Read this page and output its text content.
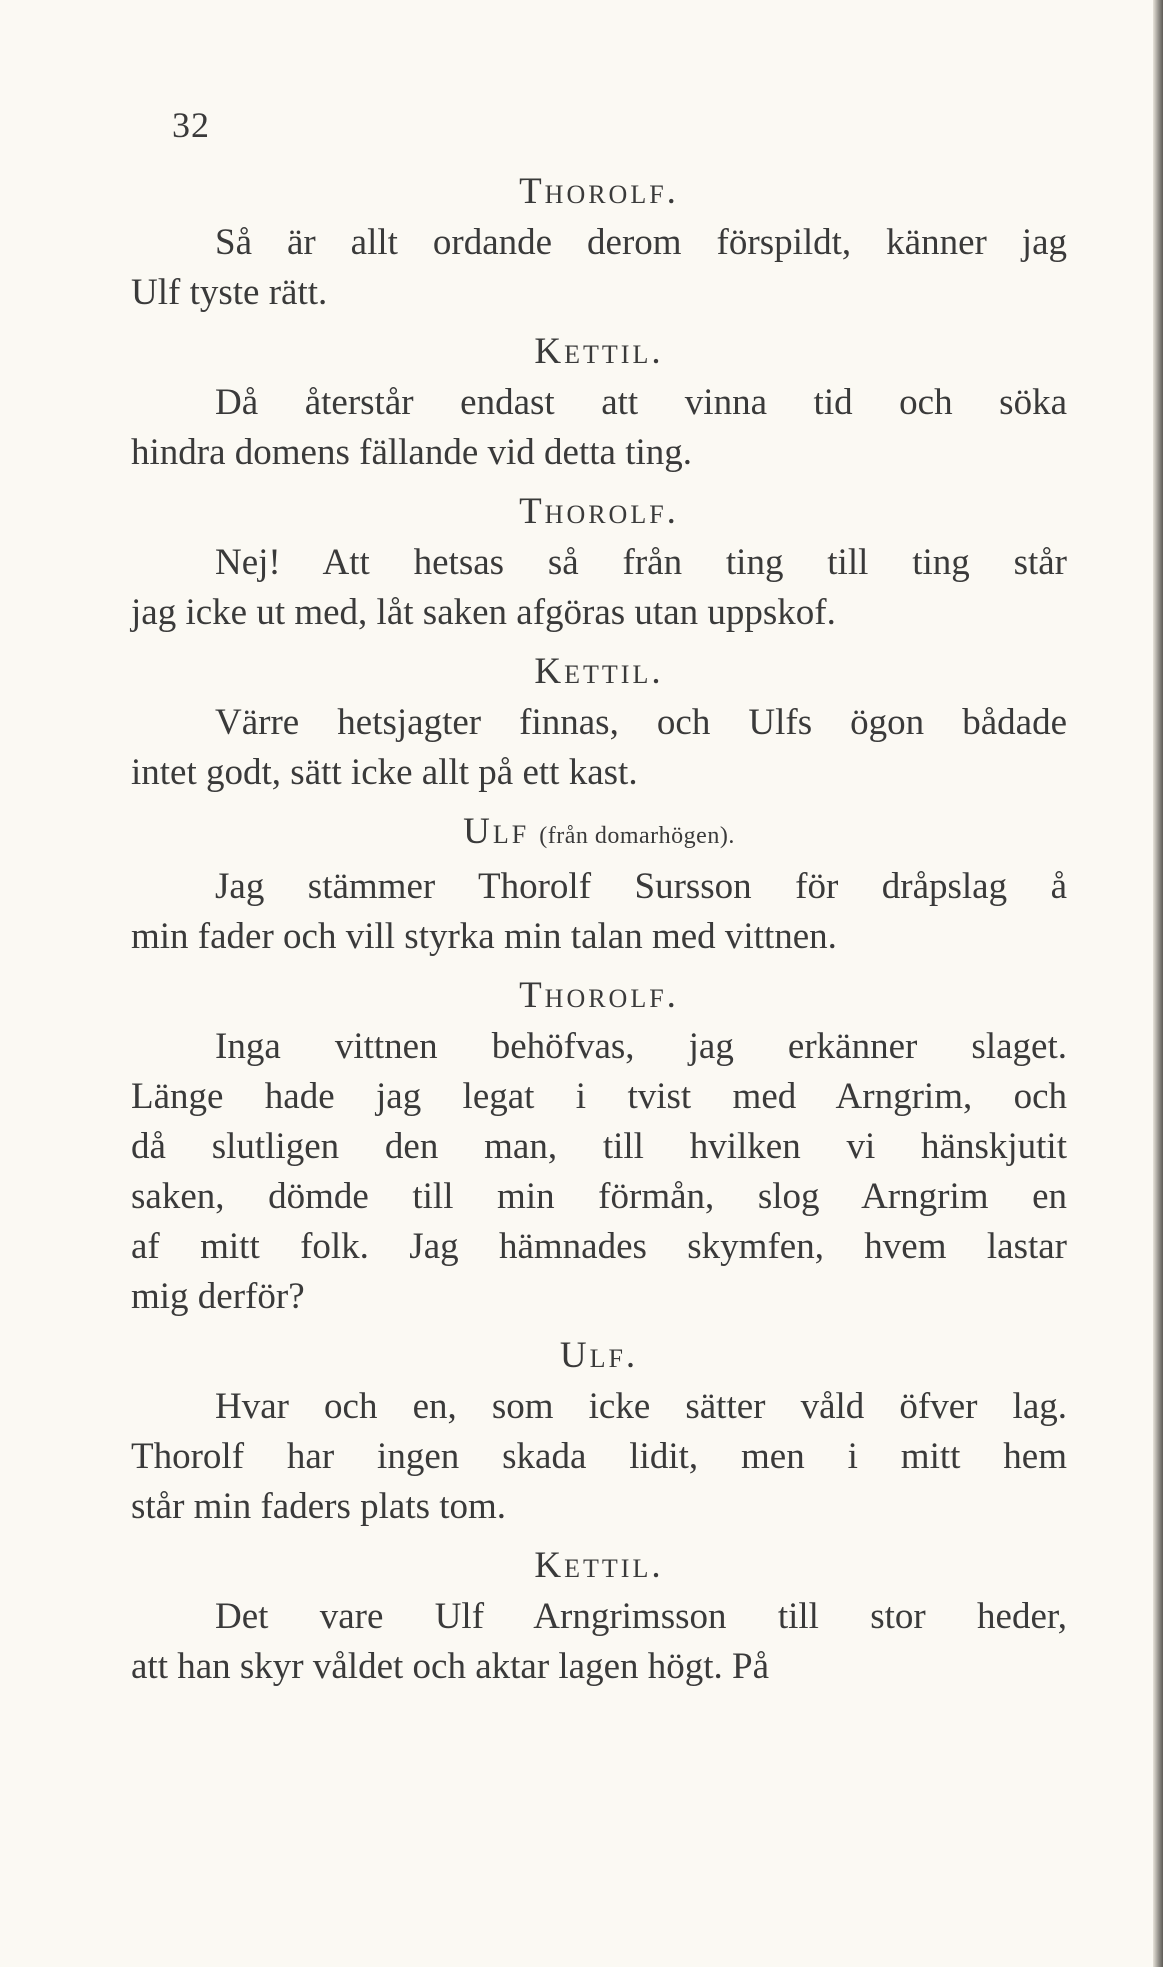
32
Thorolf.
Så är allt ordande derom förspildt, känner jag
Ulf tyste rätt.
Kettil.
Då återstår endast att vinna tid och söka
hindra domens fällande vid detta ting.
Thorolf.
Nej! Att hetsas så från ting till ting står
jag icke ut med, låt saken afgöras utan uppskof.
Kettil.
Värre hetsjagter finnas, och Ulfs ögon bådade
intet godt, sätt icke allt på ett kast.
Ulf (från domarhögen).
Jag stämmer Thorolf Sursson för dråpslag å
min fader och vill styrka min talan med vittnen.
Thorolf.
Inga vittnen behöfvas, jag erkänner slaget.
Länge hade jag legat i tvist med Arngrim, och
då slutligen den man, till hvilken vi hänskjutit
saken, dömde till min förmån, slog Arngrim en
af mitt folk. Jag hämnades skymfen, hvem lastar
mig derför?
Ulf.
Hvar och en, som icke sätter våld öfver lag.
Thorolf har ingen skada lidit, men i mitt hem
står min faders plats tom.
Kettil.
Det vare Ulf Arngrimsson till stor heder,
att han skyr våldet och aktar lagen högt. På
